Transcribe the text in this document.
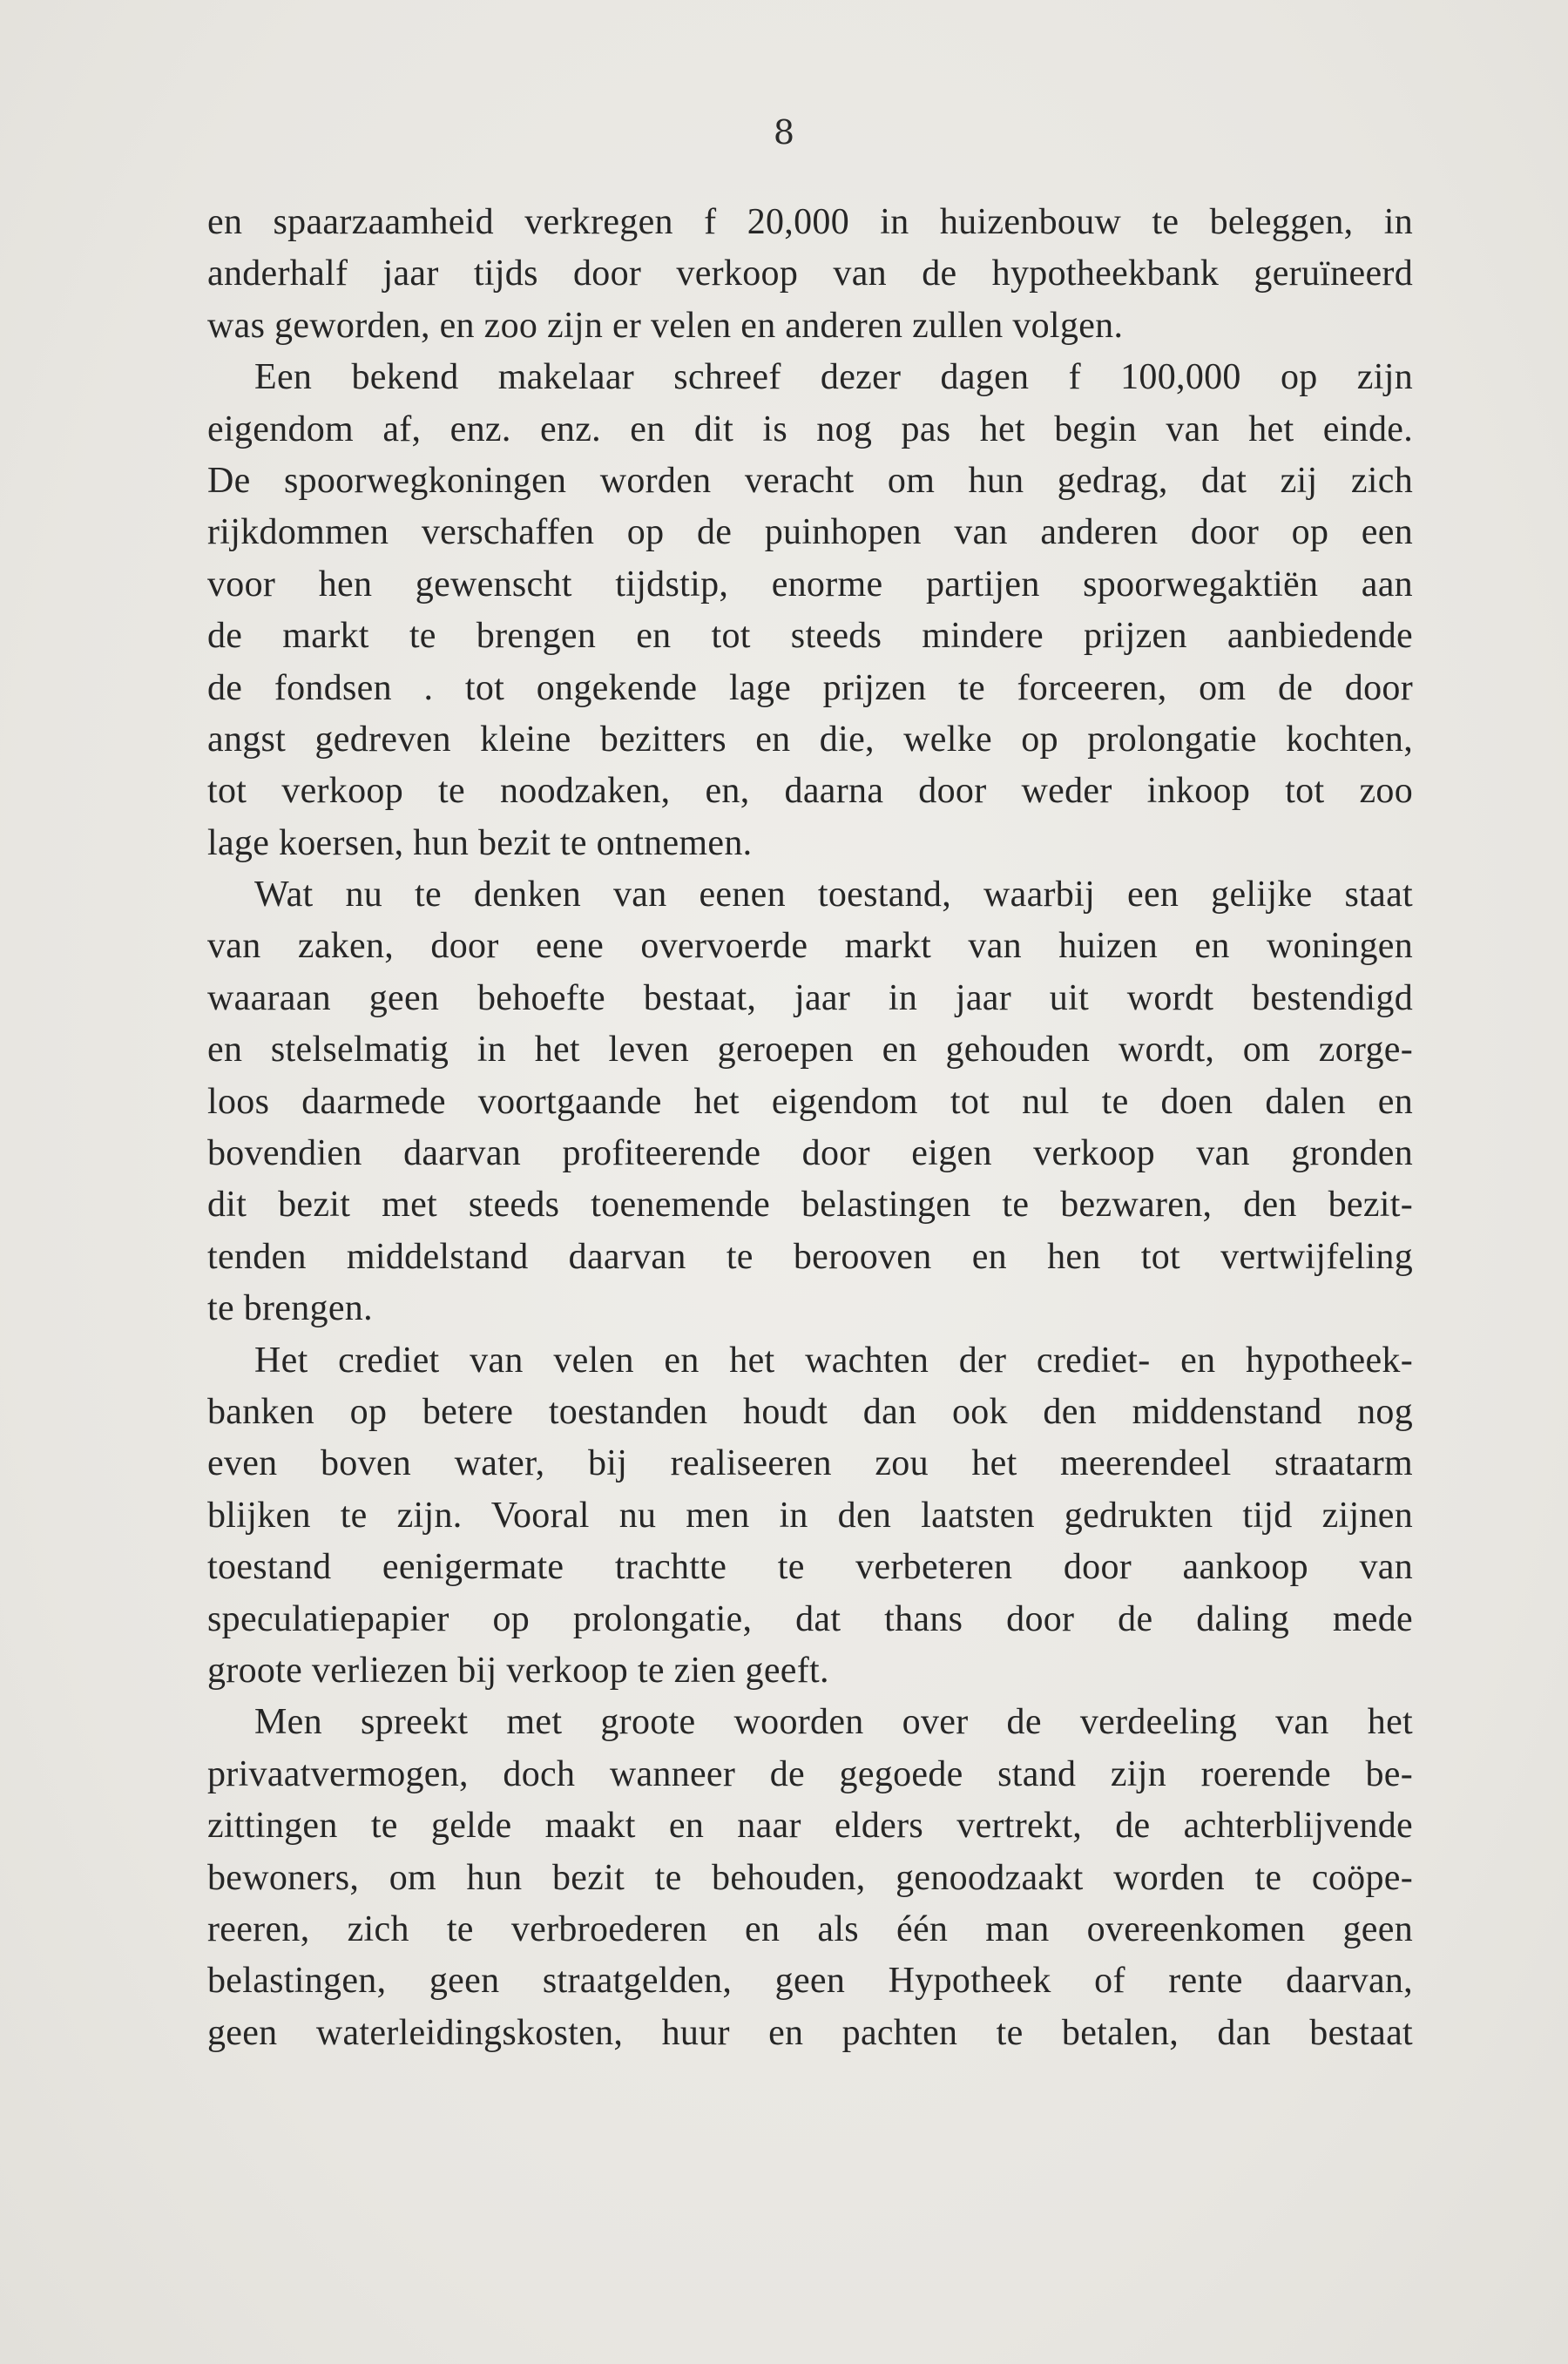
8
en spaarzaamheid verkregen f 20,000 in huizenbouw te beleggen, in
anderhalf jaar tijds door verkoop van de hypotheekbank geruïneerd
was geworden, en zoo zijn er velen en anderen zullen volgen.
Een bekend makelaar schreef dezer dagen f 100,000 op zijn
eigendom af, enz. enz. en dit is nog pas het begin van het einde.
De spoorwegkoningen worden veracht om hun gedrag, dat zij zich
rijkdommen verschaffen op de puinhopen van anderen door op een
voor hen gewenscht tijdstip, enorme partijen spoorwegaktiën aan
de markt te brengen en tot steeds mindere prijzen aanbiedende
de fondsen . tot ongekende lage prijzen te forceeren, om de door
angst gedreven kleine bezitters en die, welke op prolongatie kochten,
tot verkoop te noodzaken, en, daarna door weder inkoop tot zoo
lage koersen, hun bezit te ontnemen.
Wat nu te denken van eenen toestand, waarbij een gelijke staat
van zaken, door eene overvoerde markt van huizen en woningen
waaraan geen behoefte bestaat, jaar in jaar uit wordt bestendigd
en stelselmatig in het leven geroepen en gehouden wordt, om zorge-
loos daarmede voortgaande het eigendom tot nul te doen dalen en
bovendien daarvan profiteerende door eigen verkoop van gronden
dit bezit met steeds toenemende belastingen te bezwaren, den bezit-
tenden middelstand daarvan te berooven en hen tot vertwijfeling
te brengen.
Het crediet van velen en het wachten der crediet- en hypotheek-
banken op betere toestanden houdt dan ook den middenstand nog
even boven water, bij realiseeren zou het meerendeel straatarm
blijken te zijn. Vooral nu men in den laatsten gedrukten tijd zijnen
toestand eenigermate trachtte te verbeteren door aankoop van
speculatiepapier op prolongatie, dat thans door de daling mede
groote verliezen bij verkoop te zien geeft.
Men spreekt met groote woorden over de verdeeling van het
privaatvermogen, doch wanneer de gegoede stand zijn roerende be-
zittingen te gelde maakt en naar elders vertrekt, de achterblijvende
bewoners, om hun bezit te behouden, genoodzaakt worden te coöpe-
reeren, zich te verbroederen en als één man overeenkomen geen
belastingen, geen straatgelden, geen Hypotheek of rente daarvan,
geen waterleidingskosten, huur en pachten te betalen, dan bestaat
